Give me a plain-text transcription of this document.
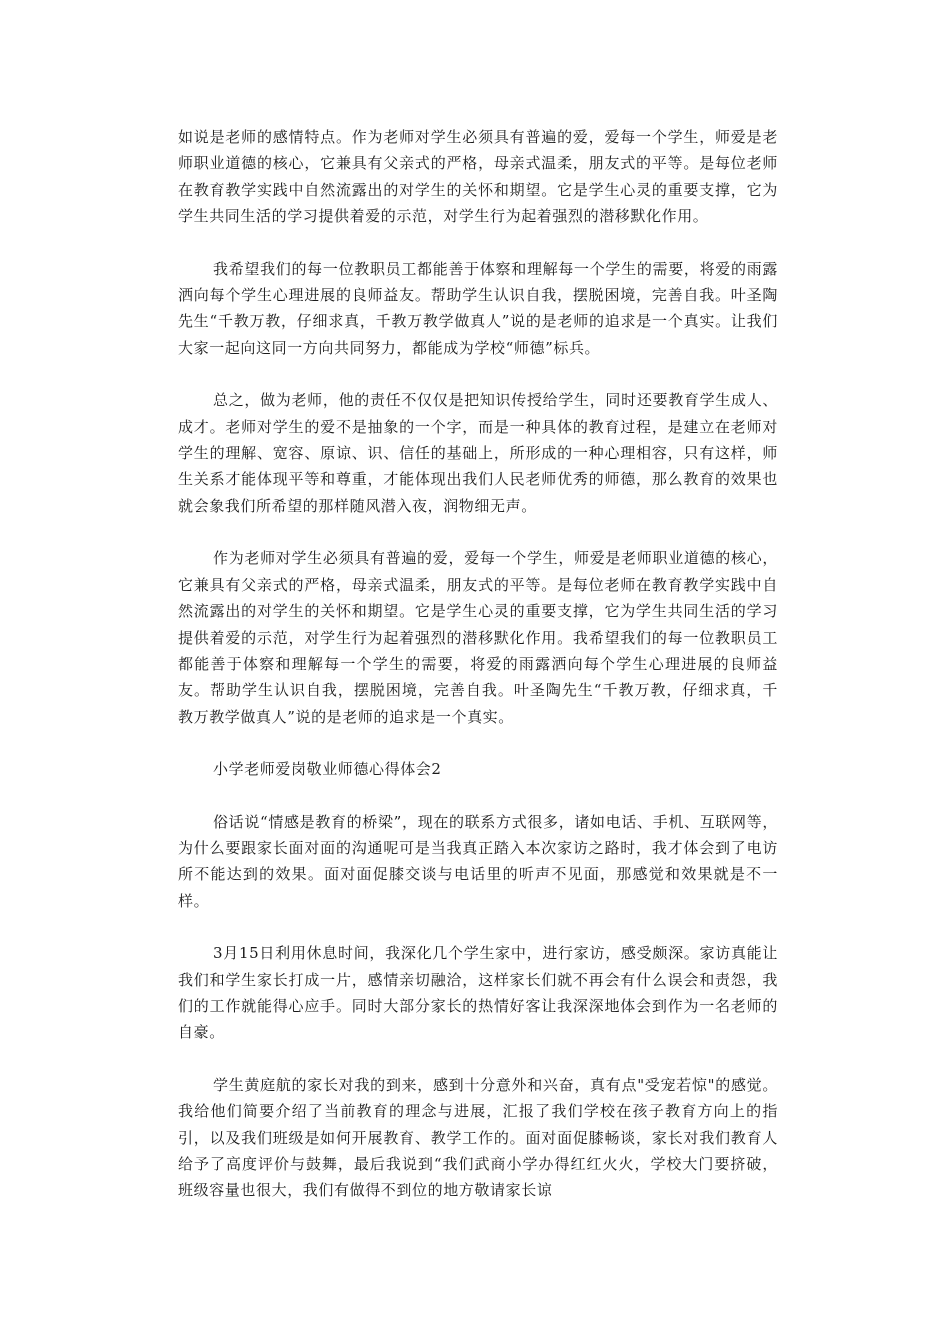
如说是老师的感情特点。作为老师对学生必须具有普遍的爱，爱每一个学生，师爱是老师职业道德的核心，它兼具有父亲式的严格，母亲式温柔，朋友式的平等。是每位老师在教育教学实践中自然流露出的对学生的关怀和期望。它是学生心灵的重要支撑，它为学生共同生活的学习提供着爱的示范，对学生行为起着强烈的潜移默化作用。

我希望我们的每一位教职员工都能善于体察和理解每一个学生的需要，将爱的雨露洒向每个学生心理进展的良师益友。帮助学生认识自我，摆脱困境，完善自我。叶圣陶先生“千教万教，仔细求真，千教万教学做真人”说的是老师的追求是一个真实。让我们大家一起向这同一方向共同努力，都能成为学校“师德”标兵。

总之，做为老师，他的责任不仅仅是把知识传授给学生，同时还要教育学生成人、成才。老师对学生的爱不是抽象的一个字，而是一种具体的教育过程，是建立在老师对学生的理解、宽容、原谅、识、信任的基础上，所形成的一种心理相容，只有这样，师生关系才能体现平等和尊重，才能体现出我们人民老师优秀的师德，那么教育的效果也就会象我们所希望的那样随风潜入夜，润物细无声。

作为老师对学生必须具有普遍的爱，爱每一个学生，师爱是老师职业道德的核心，它兼具有父亲式的严格，母亲式温柔，朋友式的平等。是每位老师在教育教学实践中自然流露出的对学生的关怀和期望。它是学生心灵的重要支撑，它为学生共同生活的学习提供着爱的示范，对学生行为起着强烈的潜移默化作用。我希望我们的每一位教职员工都能善于体察和理解每一个学生的需要，将爱的雨露洒向每个学生心理进展的良师益友。帮助学生认识自我，摆脱困境，完善自我。叶圣陶先生“千教万教，仔细求真，千教万教学做真人”说的是老师的追求是一个真实。

小学老师爱岗敬业师德心得体会2

俗话说“情感是教育的桥梁”，现在的联系方式很多，诸如电话、手机、互联网等，为什么要跟家长面对面的沟通呢可是当我真正踏入本次家访之路时，我才体会到了电访所不能达到的效果。面对面促膝交谈与电话里的听声不见面，那感觉和效果就是不一样。

3月15日利用休息时间，我深化几个学生家中，进行家访，感受颇深。家访真能让我们和学生家长打成一片，感情亲切融洽，这样家长们就不再会有什么误会和责怨，我们的工作就能得心应手。同时大部分家长的热情好客让我深深地体会到作为一名老师的自豪。

学生黄庭航的家长对我的到来，感到十分意外和兴奋，真有点"受宠若惊"的感觉。我给他们简要介绍了当前教育的理念与进展，汇报了我们学校在孩子教育方向上的指引，以及我们班级是如何开展教育、教学工作的。面对面促膝畅谈，家长对我们教育人给予了高度评价与鼓舞，最后我说到“我们武商小学办得红红火火，学校大门要挤破，班级容量也很大，我们有做得不到位的地方敬请家长谅
